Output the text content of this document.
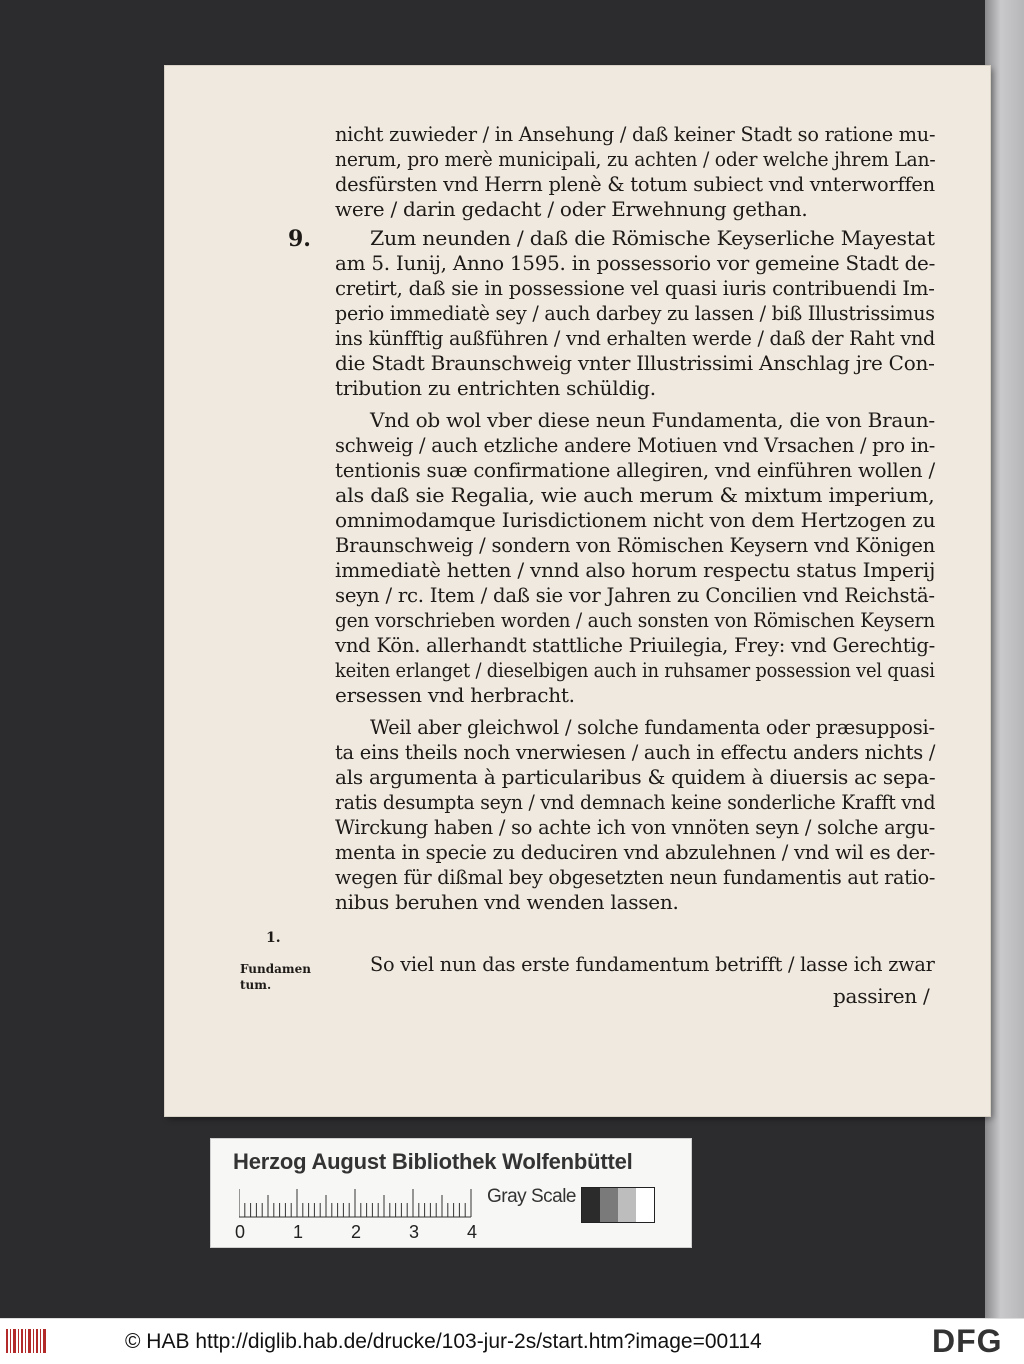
nicht zuwieder / in Ansehung / daß keiner Stadt so ratione mu-
nerum, pro merè municipali, zu achten / oder welche jhrem Lan-
desfürsten vnd Herrn plenè & totum subiect vnd vnterworffen
were / darin gedacht / oder Erwehnung gethan.
9.	Zum neunden / daß die Römische Keyserliche Mayestat
am 5. Iunij, Anno 1595. in possessorio vor gemeine Stadt de-
cretirt, daß sie in possessione vel quasi iuris contribuendi Im-
perio immediatè sey / auch darbey zu lassen / biß Illustrissimus
ins künfftig außführen / vnd erhalten werde / daß der Raht vnd
die Stadt Braunschweig vnter Illustrissimi Anschlag jre Con-
tribution zu entrichten schüldig.
Vnd ob wol vber diese neun Fundamenta, die von Braun-
schweig / auch etzliche andere Motiuen vnd Vrsachen / pro in-
tentionis suæ confirmatione allegiren, vnd einführen wollen /
als daß sie Regalia, wie auch merum & mixtum imperium,
omnimodamque Iurisdictionem nicht von dem Hertzogen zu
Braunschweig / sondern von Römischen Keysern vnd Königen
immediatè hetten / vnnd also horum respectu status Imperij
seyn / rc. Item / daß sie vor Jahren zu Concilien vnd Reichstä-
gen vorschrieben worden / auch sonsten von Römischen Keysern
vnd Kön. allerhandt stattliche Priuilegia, Frey: vnd Gerechtig-
keiten erlanget / dieselbigen auch in ruhsamer possession vel quasi
ersessen vnd herbracht.
Weil aber gleichwol / solche fundamenta oder præsupposi-
ta eins theils noch vnerwiesen / auch in effectu anders nichts /
als argumenta à particularibus & quidem à diuersis ac sepa-
ratis desumpta seyn / vnd demnach keine sonderliche Krafft vnd
Wirckung haben / so achte ich von vnnöten seyn / solche argu-
menta in specie zu deduciren vnd abzulehnen / vnd wil es der-
wegen für dißmal bey obgesetzten neun fundamentis aut ratio-
nibus beruhen vnd wenden lassen.
1.
Fundamen
tum.
So viel nun das erste fundamentum betrifft / lasse ich zwar
passiren /
Herzog August Bibliothek Wolfenbüttel
0	1	2	3	4
Gray Scale
© HAB http://diglib.hab.de/drucke/103-jur-2s/start.htm?image=00114	DFG
